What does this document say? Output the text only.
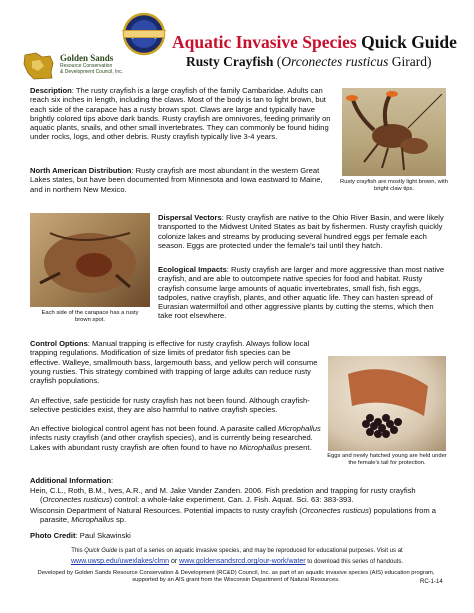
Golden Sands
Resource Conservation
& Development Council, Inc.
Aquatic Invasive Species Quick Guide
Rusty Crayfish (Orconectes rusticus Girard)
Description: The rusty crayfish is a large crayfish of the family Cambaridae. Adults can reach six inches in length, including the claws. Most of the body is tan to light brown, but each side of the carapace has a rusty brown spot. Claws are large and typically have brightly colored tips above dark bands. Rusty crayfish are omnivores, feeding primarily on aquatic plants, snails, and other small invertebrates. They can commonly be found hiding under rocks, logs, and other debris. Rusty crayfish typically live 3-4 years.
North American Distribution: Rusty crayfish are most abundant in the western Great Lakes states, but have been documented from Minnesota and Iowa eastward to Maine, and in northern New Mexico.
Rusty crayfish are mostly light brown, with bright claw tips.
Each side of the carapace has a rusty brown spot.
Dispersal Vectors: Rusty crayfish are native to the Ohio River Basin, and were likely transported to the Midwest United States as bait by fishermen. Rusty crayfish quickly colonize lakes and streams by producing several hundred eggs per female each season. Eggs are protected under the female’s tail until they hatch.
Ecological Impacts: Rusty crayfish are larger and more aggressive than most native crayfish, and are able to outcompete native species for food and habitat. Rusty crayfish consume large amounts of aquatic invertebrates, small fish, fish eggs, tadpoles, native crayfish, plants, and other aquatic life. They can hasten spread of Eurasian watermilfoil and other aggressive plants by cutting the stems, which then take root elsewhere.
Control Options: Manual trapping is effective for rusty crayfish. Always follow local trapping regulations. Modification of size limits of predator fish species can be effective. Walleye, smallmouth bass, largemouth bass, and yellow perch will consume young rusties. This strategy combined with trapping of large adults can reduce rusty crayfish populations.
An effective, safe pesticide for rusty crayfish has not been found. Although crayfish-selective pesticides exist, they are also harmful to native crayfish species.
An effective biological control agent has not been found. A parasite called Microphallus infects rusty crayfish (and other crayfish species), and is currently being researched. Lakes with abundant rusty crayfish are often found to have no Microphallus present.
Eggs and newly hatched young are held under the female’s tail for protection.
Additional Information:
Hein, C.L., Roth, B.M., Ives, A.R., and M. Jake Vander Zanden. 2006. Fish predation and trapping for rusty crayfish (Orconectes rusticus) control: a whole-lake experiment. Can. J. Fish. Aquat. Sci. 63: 383-393.
Wisconsin Department of Natural Resources. Potential impacts to rusty crayfish (Orconectes rusticus) populations from a parasite, Microphallus sp.
Photo Credit: Paul Skawinski
This Quick Guide is part of a series on aquatic invasive species, and may be reproduced for educational purposes. Visit us at
www.uwsp.edu/uwexlakes/clmn or www.goldensandsrcd.org/our-work/water to download this series of handouts.
Developed by Golden Sands Resource Conservation & Development (RC&D) Council, Inc. as part of an aquatic invasive species (AIS) education program, supported by an AIS grant from the Wisconsin Department of Natural Resources.	RC-1-14
